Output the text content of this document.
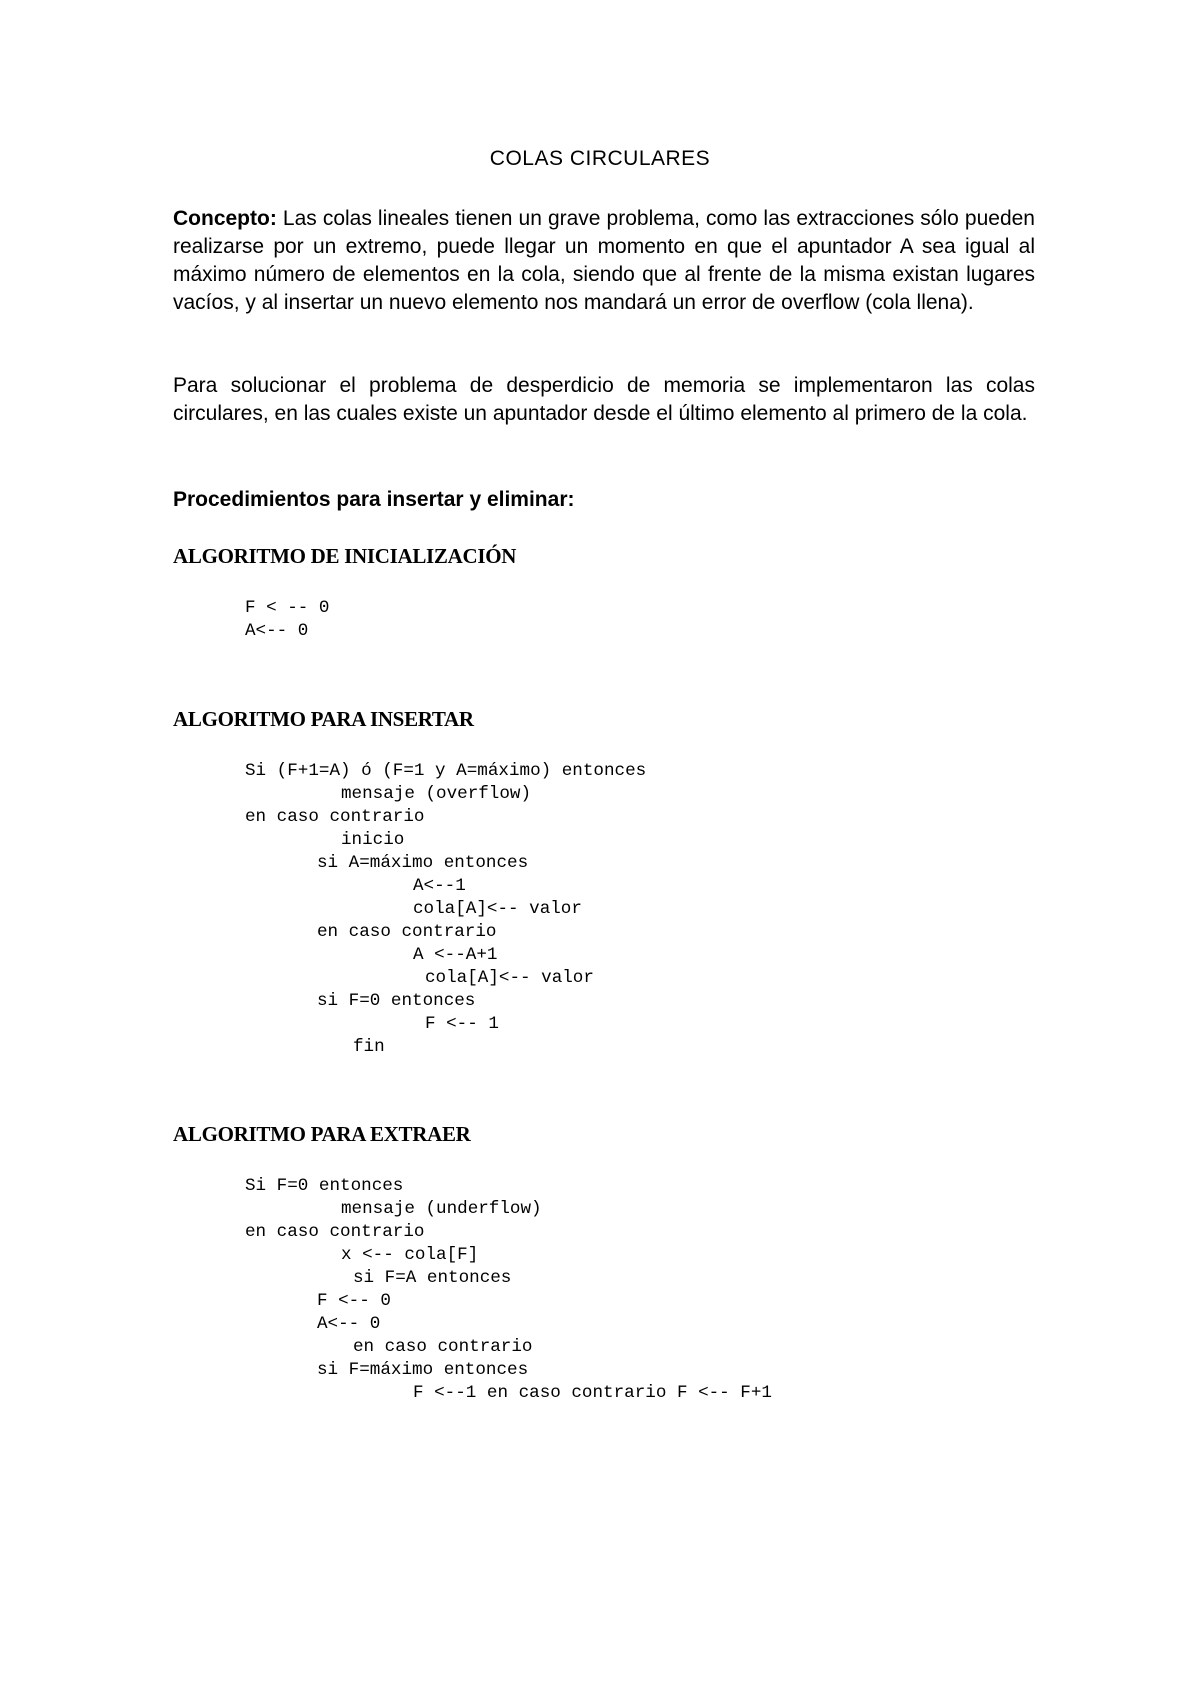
COLAS CIRCULARES

Concepto: Las colas lineales tienen un grave problema, como las extracciones sólo pueden realizarse por un extremo, puede llegar un momento en que el apuntador A sea igual al máximo número de elementos en la cola, siendo que al frente de la misma existan lugares vacíos, y al insertar un nuevo elemento nos mandará un error de overflow (cola llena).

Para solucionar el problema de desperdicio de memoria se implementaron las colas circulares, en las cuales existe un apuntador desde el último elemento al primero de la cola.

Procedimientos para insertar y eliminar:

ALGORITMO DE INICIALIZACIÓN

F < -- 0

A<-- 0

ALGORITMO PARA INSERTAR

Si (F+1=A) ó (F=1 y A=máximo) entonces

mensaje (overflow)

en caso contrario

inicio

si A=máximo entonces

A<--1

cola[A]<-- valor

en caso contrario

A <--A+1

cola[A]<-- valor

si F=0 entonces

F <-- 1

fin

ALGORITMO PARA EXTRAER

Si F=0 entonces

mensaje (underflow)

en caso contrario

x <-- cola[F]

si F=A entonces

F <-- 0

A<-- 0

en caso contrario

si F=máximo entonces

F <--1 en caso contrario F <-- F+1
